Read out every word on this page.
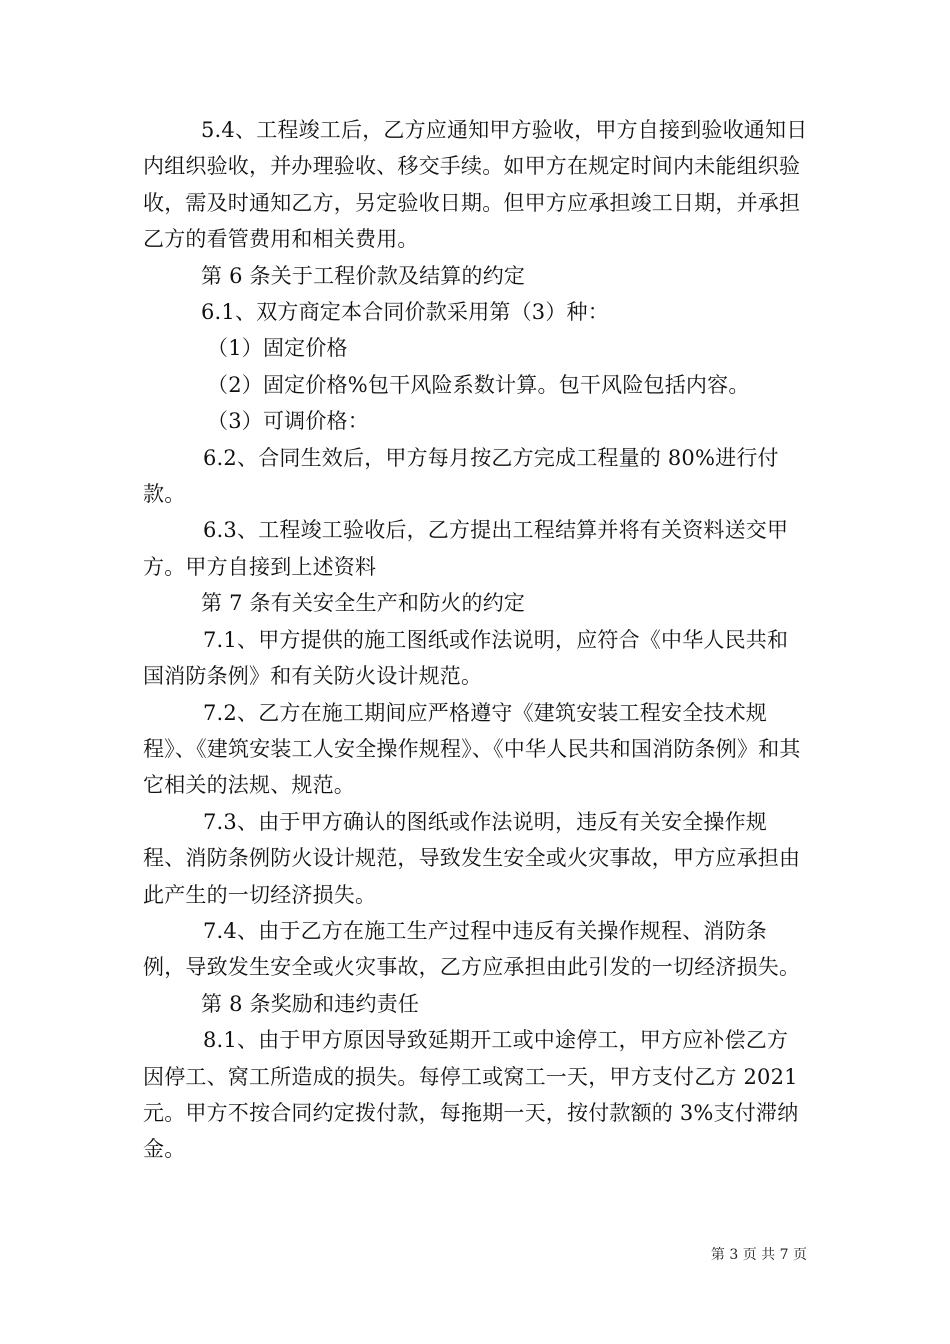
5.4、工程竣工后，乙方应通知甲方验收，甲方自接到验收通知日内组织验收，并办理验收、移交手续。如甲方在规定时间内未能组织验收，需及时通知乙方，另定验收日期。但甲方应承担竣工日期，并承担乙方的看管费用和相关费用。

第 6 条关于工程价款及结算的约定

6.1、双方商定本合同价款采用第（3）种：

（1）固定价格

（2）固定价格%包干风险系数计算。包干风险包括内容。

（3）可调价格：

6.2、合同生效后，甲方每月按乙方完成工程量的 80%进行付款。

6.3、工程竣工验收后，乙方提出工程结算并将有关资料送交甲方。甲方自接到上述资料

第 7 条有关安全生产和防火的约定

7.1、甲方提供的施工图纸或作法说明，应符合《中华人民共和国消防条例》和有关防火设计规范。

7.2、乙方在施工期间应严格遵守《建筑安装工程安全技术规程》、《建筑安装工人安全操作规程》、《中华人民共和国消防条例》和其它相关的法规、规范。

7.3、由于甲方确认的图纸或作法说明，违反有关安全操作规程、消防条例防火设计规范，导致发生安全或火灾事故，甲方应承担由此产生的一切经济损失。

7.4、由于乙方在施工生产过程中违反有关操作规程、消防条例，导致发生安全或火灾事故，乙方应承担由此引发的一切经济损失。

第 8 条奖励和违约责任

8.1、由于甲方原因导致延期开工或中途停工，甲方应补偿乙方因停工、窝工所造成的损失。每停工或窝工一天，甲方支付乙方 2021 元。甲方不按合同约定拨付款，每拖期一天，按付款额的 3%支付滞纳金。

第 3 页 共 7 页
